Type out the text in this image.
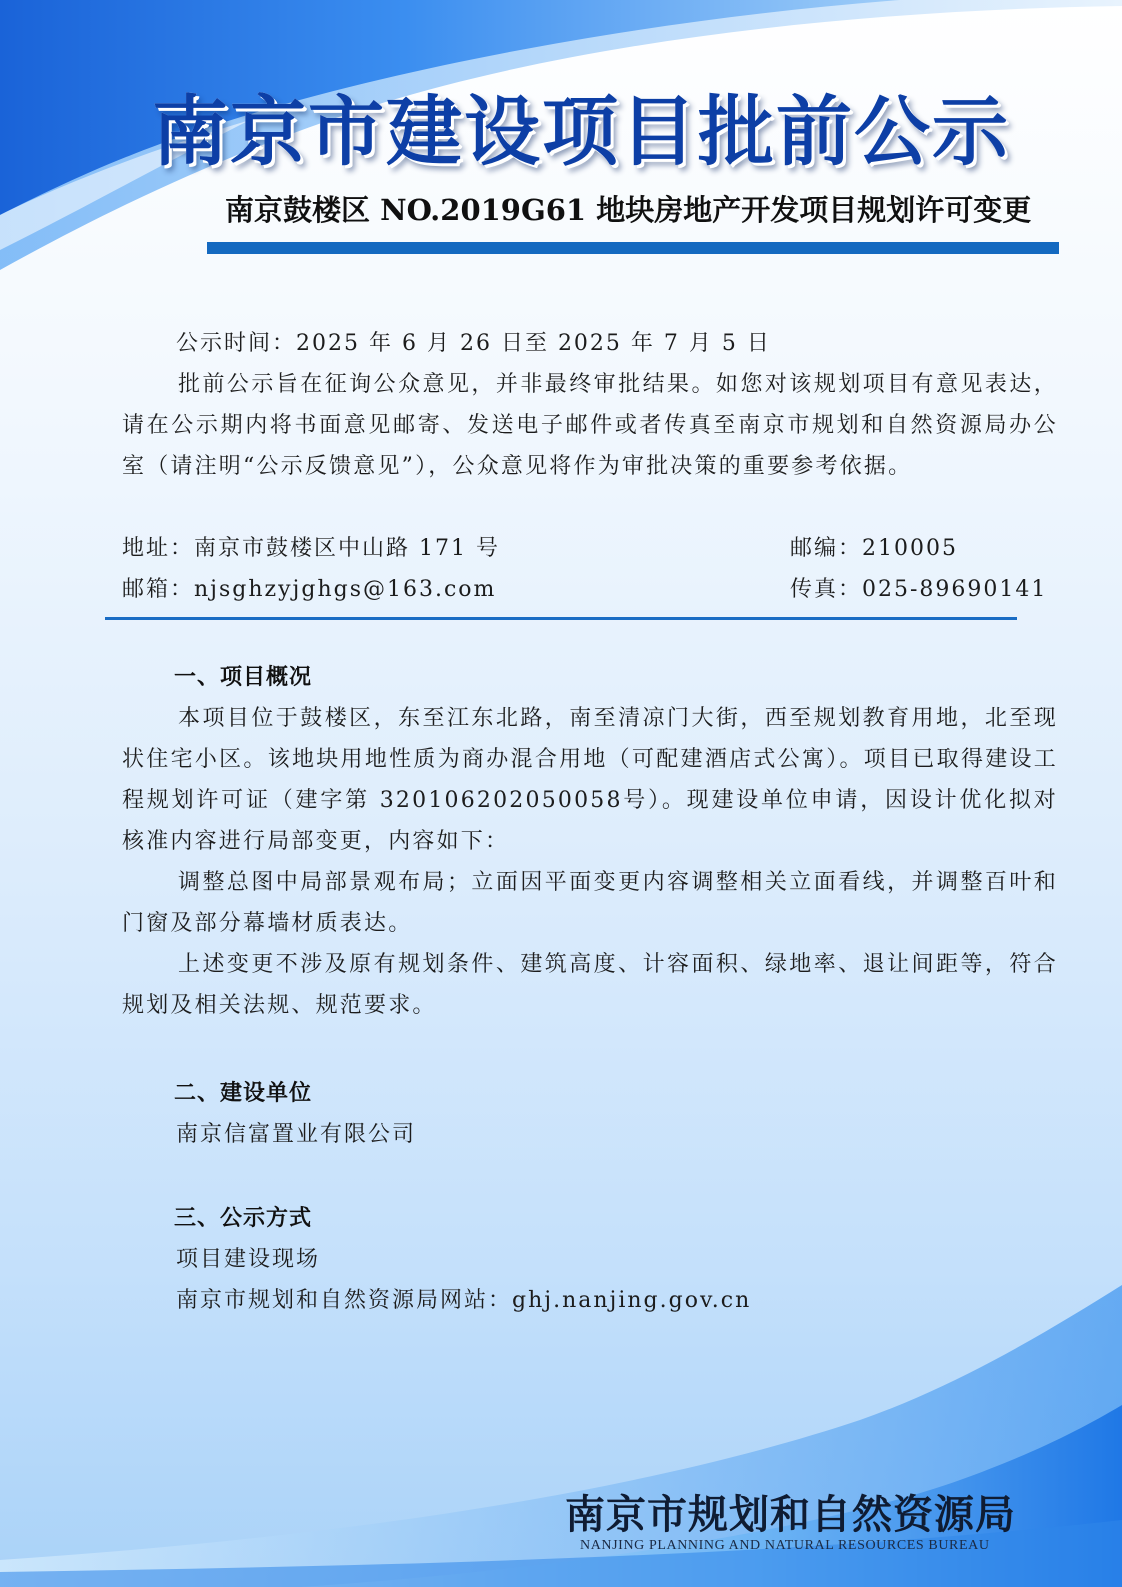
南京市建设项目批前公示
南京鼓楼区 NO.2019G61 地块房地产开发项目规划许可变更
公示时间：2025 年 6 月 26 日至 2025 年 7 月 5 日
批前公示旨在征询公众意见，并非最终审批结果。如您对该规划项目有意见表达，请在公示期内将书面意见邮寄、发送电子邮件或者传真至南京市规划和自然资源局办公室（请注明“公示反馈意见”），公众意见将作为审批决策的重要参考依据。
地址：南京市鼓楼区中山路 171 号	邮编：210005
邮箱：njsghzyjghgs@163.com	传真：025-89690141
一、项目概况
本项目位于鼓楼区，东至江东北路，南至清凉门大街，西至规划教育用地，北至现状住宅小区。该地块用地性质为商办混合用地（可配建酒店式公寓）。项目已取得建设工程规划许可证（建字第 320106202050058号）。现建设单位申请，因设计优化拟对核准内容进行局部变更，内容如下：
调整总图中局部景观布局；立面因平面变更内容调整相关立面看线，并调整百叶和门窗及部分幕墙材质表达。
上述变更不涉及原有规划条件、建筑高度、计容面积、绿地率、退让间距等，符合规划及相关法规、规范要求。
二、建设单位
南京信富置业有限公司
三、公示方式
项目建设现场
南京市规划和自然资源局网站：ghj.nanjing.gov.cn
南京市规划和自然资源局
NANJING PLANNING AND NATURAL RESOURCES BUREAU
